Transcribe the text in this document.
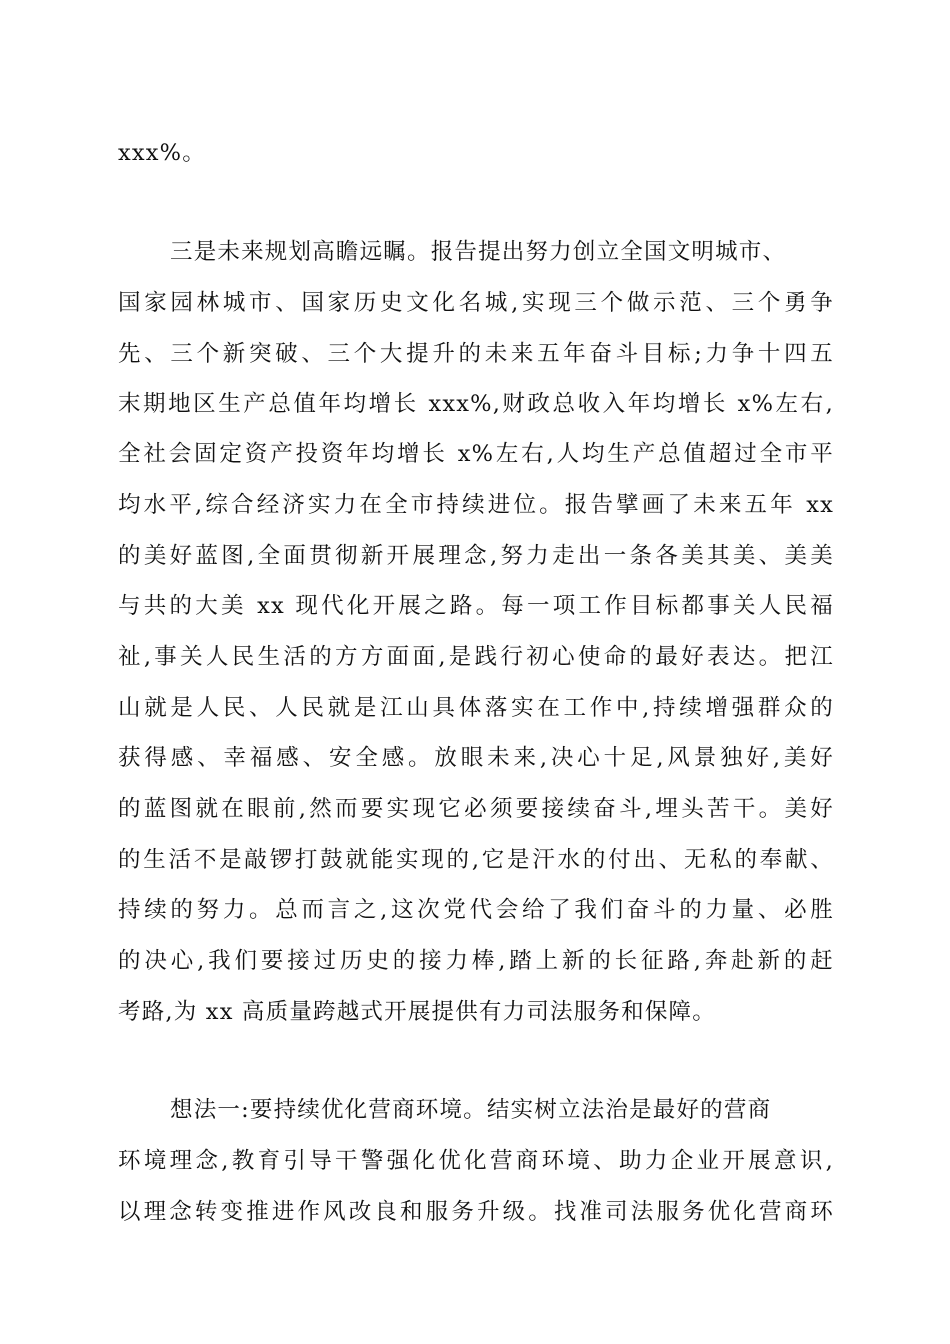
xxx%。
三是未来规划高瞻远瞩。报告提出努力创立全国文明城市、
国家园林城市、国家历史文化名城,实现三个做示范、三个勇争
先、三个新突破、三个大提升的未来五年奋斗目标;力争十四五
末期地区生产总值年均增长 xxx%,财政总收入年均增长 x%左右,
全社会固定资产投资年均增长 x%左右,人均生产总值超过全市平
均水平,综合经济实力在全市持续进位。报告擘画了未来五年 xx
的美好蓝图,全面贯彻新开展理念,努力走出一条各美其美、美美
与共的大美 xx 现代化开展之路。每一项工作目标都事关人民福
祉,事关人民生活的方方面面,是践行初心使命的最好表达。把江
山就是人民、人民就是江山具体落实在工作中,持续增强群众的
获得感、幸福感、安全感。放眼未来,决心十足,风景独好,美好
的蓝图就在眼前,然而要实现它必须要接续奋斗,埋头苦干。美好
的生活不是敲锣打鼓就能实现的,它是汗水的付出、无私的奉献、
持续的努力。总而言之,这次党代会给了我们奋斗的力量、必胜
的决心,我们要接过历史的接力棒,踏上新的长征路,奔赴新的赶
考路,为 xx 高质量跨越式开展提供有力司法服务和保障。
想法一:要持续优化营商环境。结实树立法治是最好的营商
环境理念,教育引导干警强化优化营商环境、助力企业开展意识,
以理念转变推进作风改良和服务升级。找准司法服务优化营商环
